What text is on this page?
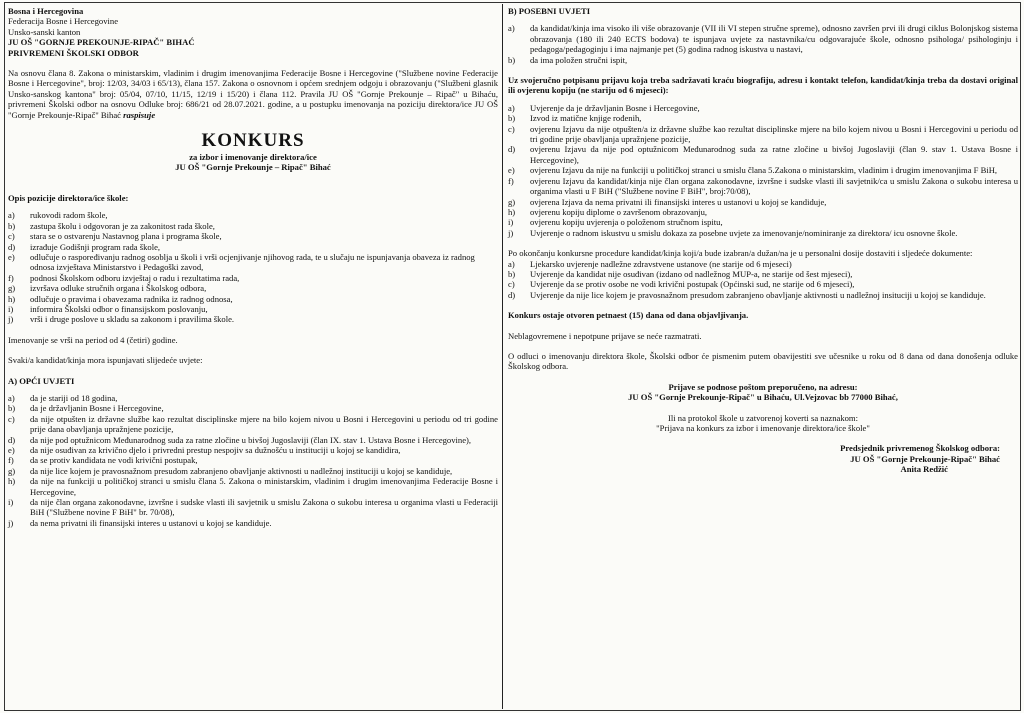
Bosna i Hercegovina

Federacija Bosne i Hercegovine

Unsko-sanski kanton

JU OŠ "GORNJE PREKOUNJE-RIPAČ" BIHAĆ

PRIVREMENI ŠKOLSKI ODBOR

Na osnovu člana 8. Zakona o ministarskim, vladinim i drugim imenovanjima Federacije Bosne i Hercegovine ("Službene novine Federacije Bosne i Hercegovine", broj: 12/03, 34/03 i 65/13), člana 157. Zakona o osnovnom i općem srednjem odgoju i obrazovanju ("Službeni glasnik Unsko-sanskog kantona" broj: 05/04, 07/10, 11/15, 12/19 i 15/20) i člana 112. Pravila JU OŠ "Gornje Prekounje – Ripač" u Bihaću, privremeni Školski odbor na osnovu Odluke broj: 686/21 od 28.07.2021. godine, a u postupku imenovanja na poziciju direktora/ice JU OŠ "Gornje Prekounje-Ripač" Bihać raspisuje

KONKURS

za izbor i imenovanje direktora/ice

JU OŠ "Gornje Prekounje – Ripač" Bihać

Opis pozicije direktora/ice škole:

a) rukovodi radom škole,
b) zastupa školu i odgovoran je za zakonitost rada škole,
c) stara se o ostvarenju Nastavnog plana i programa škole,
d) izrađuje Godišnji program rada škole,
e) odlučuje o raspoređivanju radnog osoblja u školi i vrši ocjenjivanje njihovog rada, te u slučaju ne ispunjavanja obaveza iz radnog odnosa izvještava Ministarstvo i Pedagoški zavod,
f) podnosi Školskom odboru izvještaj o radu i rezultatima rada,
g) izvršava odluke stručnih organa i Školskog odbora,
h) odlučuje o pravima i obavezama radnika iz radnog odnosa,
i) informira Školski odbor o finansijskom poslovanju,
j) vrši i druge poslove u skladu sa zakonom i pravilima škole.

Imenovanje se vrši na period od 4 (četiri) godine.

Svaki/a kandidat/kinja mora ispunjavati slijedeće uvjete:

A) OPĆI UVJETI

a) da je stariji od 18 godina,
b) da je državljanin Bosne i Hercegovine,
c) da nije otpušten iz državne službe kao rezultat disciplinske mjere na bilo kojem nivou u Bosni i Hercegovini u periodu od tri godine prije dana obavljanja upražnjene pozicije,
d) da nije pod optužnicom Međunarodnog suda za ratne zločine u bivšoj Jugoslaviji (član IX. stav 1. Ustava Bosne i Hercegovine),
e) da nije osuđivan za krivično djelo i privredni prestup nespojiv sa dužnošću u instituciji u kojoj se kandidira,
f) da se protiv kandidata ne vodi krivični postupak,
g) da nije lice kojem je pravosnažnom presudom zabranjeno obavljanje aktivnosti u nadležnoj instituciji u kojoj se kandiduje,
h) da nije na funkciji u političkoj stranci u smislu člana 5. Zakona o ministarskim, vladinim i drugim imenovanjima Federacije Bosne i Hercegovine,
i) da nije član organa zakonodavne, izvršne i sudske vlasti ili savjetnik u smislu Zakona o sukobu interesa u organima vlasti u Federaciji BiH ("Službene novine F BiH" br. 70/08),
j) da nema privatni ili finansijski interes u ustanovi u kojoj se kandiduje.

B) POSEBNI UVJETI

a) da kandidat/kinja ima visoko ili više obrazovanje (VII ili VI stepen stručne spreme), odnosno završen prvi ili drugi ciklus Bolonjskog sistema obrazovanja (180 ili 240 ECTS bodova) te ispunjava uvjete za nastavnika/cu odgovarajuće škole, odnosno psihologa/ psihologinju i pedagoga/pedagoginju i ima najmanje pet (5) godina radnog iskustva u nastavi,
b) da ima položen stručni ispit,

Uz svojeručno potpisanu prijavu koja treba sadržavati kraću biografiju, adresu i kontakt telefon, kandidat/kinja treba da dostavi original ili ovjerenu kopiju (ne stariju od 6 mjeseci):

a) Uvjerenje da je državljanin Bosne i Hercegovine,
b) Izvod iz matične knjige rođenih,
c) ovjerenu Izjavu da nije otpušten/a iz državne službe kao rezultat disciplinske mjere na bilo kojem nivou u Bosni i Hercegovini u periodu od tri godine prije obavljanja upražnjene pozicije,
d) ovjerenu Izjavu da nije pod optužnicom Međunarodnog suda za ratne zločine u bivšoj Jugoslaviji (član 9. stav 1. Ustava Bosne i Hercegovine),
e) ovjerenu Izjavu da nije na funkciji u političkoj stranci u smislu člana 5.Zakona o ministarskim, vladinim i drugim imenovanjima F BiH,
f) ovjerenu Izjavu da kandidat/kinja nije član organa zakonodavne, izvršne i sudske vlasti ili savjetnik/ca u smislu Zakona o sukobu interesa u organima vlasti u F BiH ("Službene novine F BiH", broj:70/08),
g) ovjerena Izjava da nema privatni ili finansijski interes u ustanovi u kojoj se kandiduje,
h) ovjerenu kopiju diplome o završenom obrazovanju,
i) ovjerenu kopiju uvjerenja o položenom stručnom ispitu,
j) Uvjerenje o radnom iskustvu u smislu dokaza za posebne uvjete za imenovanje/nominiranje za direktora/ icu osnovne škole.

Po okončanju konkursne procedure kandidat/kinja koji/a bude izabran/a dužan/na je u personalni dosije dostaviti i sljedeće dokumente:

a) Ljekarsko uvjerenje nadležne zdravstvene ustanove (ne starije od 6 mjeseci)
b) Uvjerenje da kandidat nije osuđivan (izdano od nadležnog MUP-a, ne starije od šest mjeseci),
c) Uvjerenje da se protiv osobe ne vodi krivični postupak (Općinski sud, ne starije od 6 mjeseci),
d) Uvjerenje da nije lice kojem je pravosnažnom presudom zabranjeno obavljanje aktivnosti u nadležnoj insituciji u kojoj se kandiduje.

Konkurs ostaje otvoren petnaest (15) dana od dana objavljivanja.

Neblagovremene i nepotpune prijave se neće razmatrati.

O odluci o imenovanju direktora škole, Školski odbor će pismenim putem obavijestiti sve učesnike u roku od 8 dana od dana donošenja odluke Školskog odbora.

Prijave se podnose poštom preporučeno, na adresu:

JU OŠ "Gornje Prekounje-Ripač" u Bihaću, Ul.Vejzovac bb 77000 Bihać,

Ili na protokol škole u zatvorenoj koverti sa naznakom:

"Prijava na konkurs za izbor i imenovanje direktora/ice škole"

Predsjednik privremenog Školskog odbora:

JU OŠ "Gornje Prekounje-Ripač" Bihać

Anita Redžić
